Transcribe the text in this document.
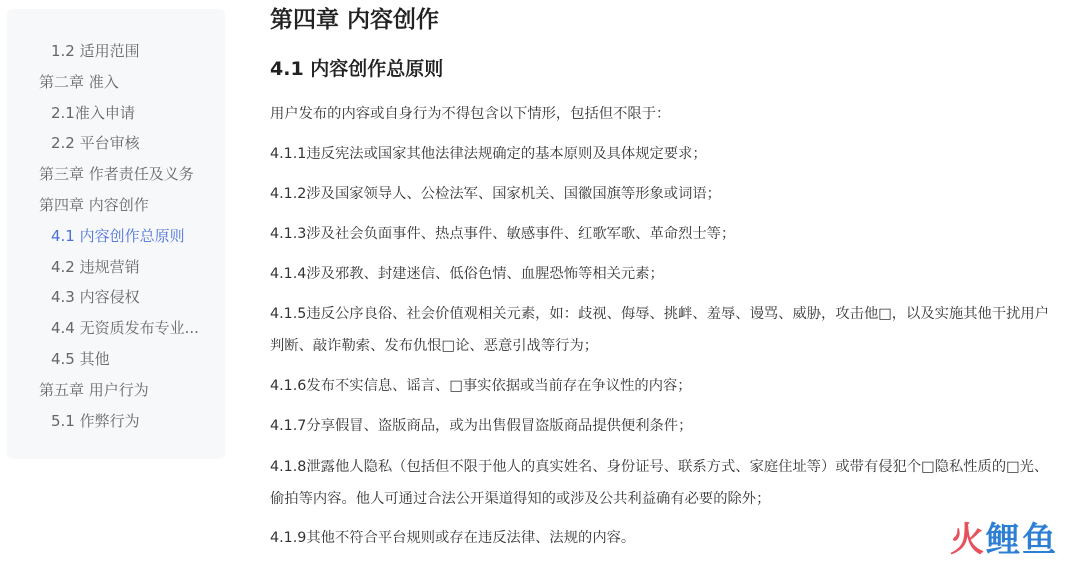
1.2 适用范围
第二章 准入
2.1准入申请
2.2 平台审核
第三章 作者责任及义务
第四章 内容创作
4.1 内容创作总原则
4.2 违规营销
4.3 内容侵权
4.4 无资质发布专业...
4.5 其他
第五章 用户行为
5.1 作弊行为
第四章 内容创作
4.1 内容创作总原则

用户发布的内容或自身行为不得包含以下情形，包括但不限于：

4.1.1违反宪法或国家其他法律法规确定的基本原则及具体规定要求；

4.1.2涉及国家领导人、公检法军、国家机关、国徽国旗等形象或词语；

4.1.3涉及社会负面事件、热点事件、敏感事件、红歌军歌、革命烈士等；

4.1.4涉及邪教、封建迷信、低俗色情、血腥恐怖等相关元素；

4.1.5违反公序良俗、社会价值观相关元素，如：歧视、侮辱、挑衅、羞辱、谩骂、威胁，攻击他□，以及实施其他干扰用户判断、敲诈勒索、发布仇恨□论、恶意引战等行为；

4.1.6发布不实信息、谣言、□事实依据或当前存在争议性的内容；

4.1.7分享假冒、盗版商品，或为出售假冒盗版商品提供便利条件；

4.1.8泄露他人隐私（包括但不限于他人的真实姓名、身份证号、联系方式、家庭住址等）或带有侵犯个□隐私性质的□光、偷拍等内容。他人可通过合法公开渠道得知的或涉及公共利益确有必要的除外；

4.1.9其他不符合平台规则或存在违反法律、法规的内容。	火鲤鱼
